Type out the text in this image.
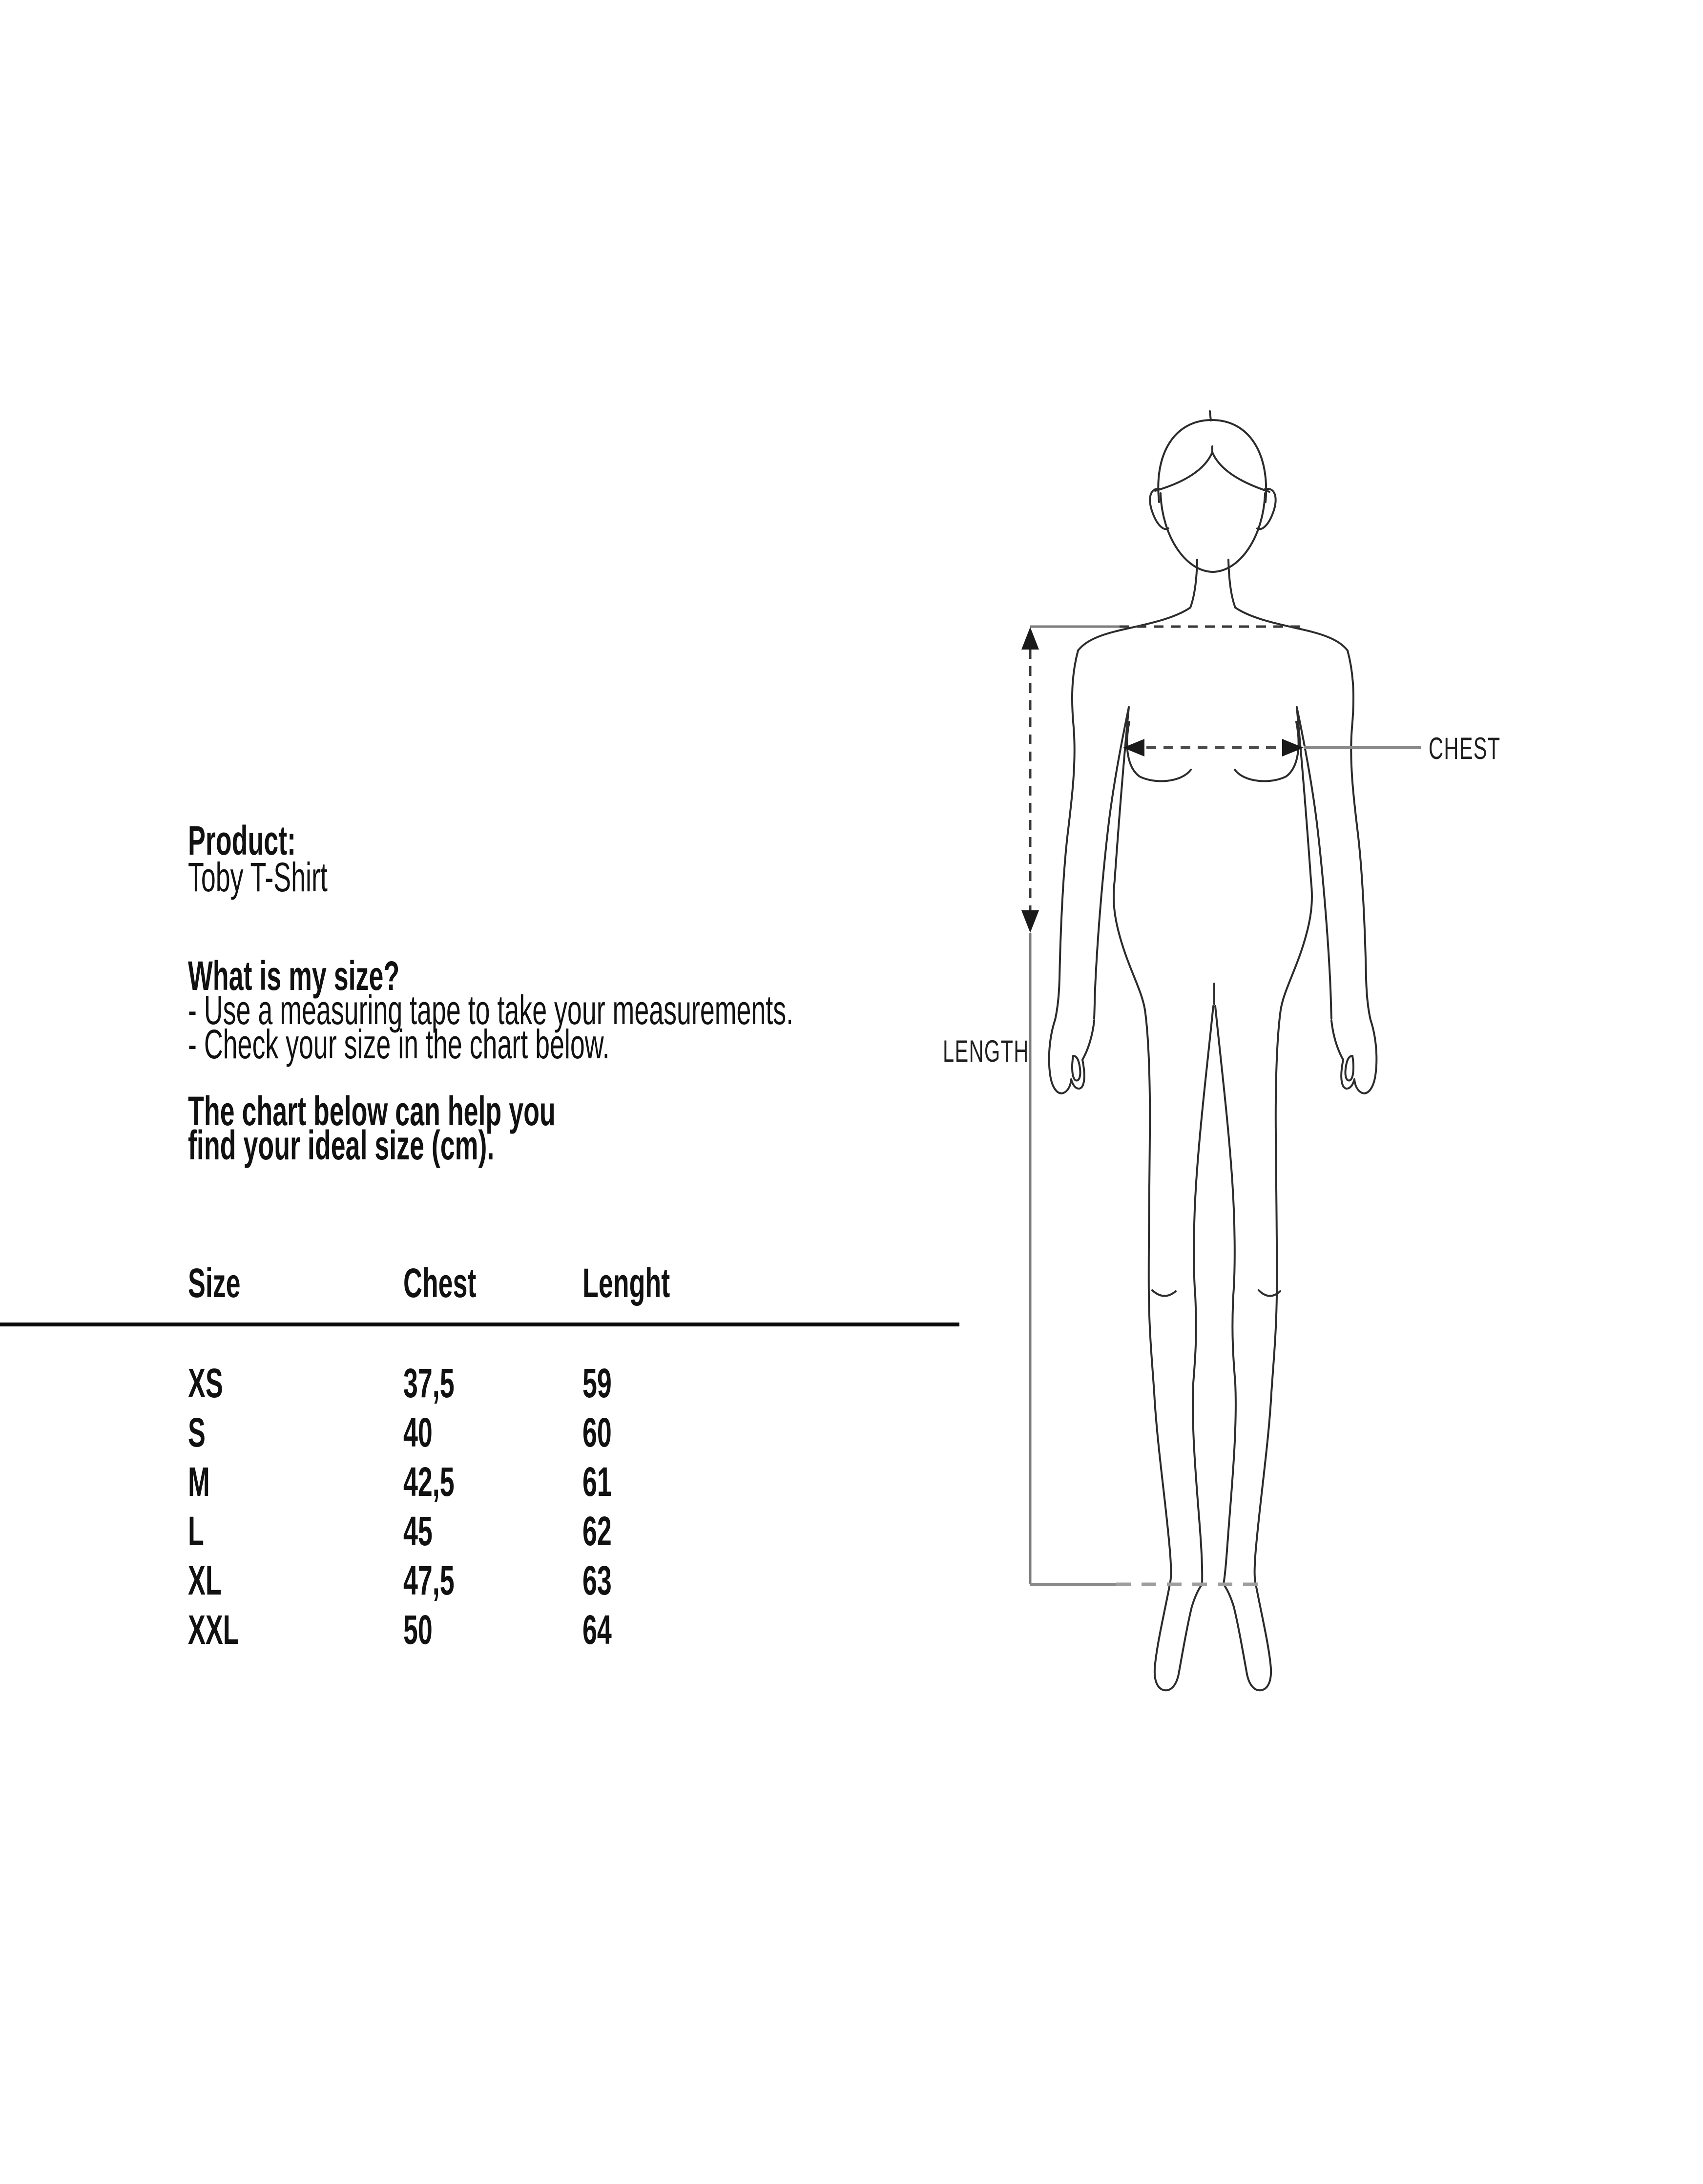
CHEST
LENGTH
Product:
Toby T-Shirt
What is my size?
- Use a measuring tape to take your measurements.
- Check your size in the chart below.
The chart below can help you
find your ideal size (cm).
Size	Chest	Lenght
XS	37,5	59
S	40	60
M	42,5	61
L	45	62
XL	47,5	63
XXL	50	64
